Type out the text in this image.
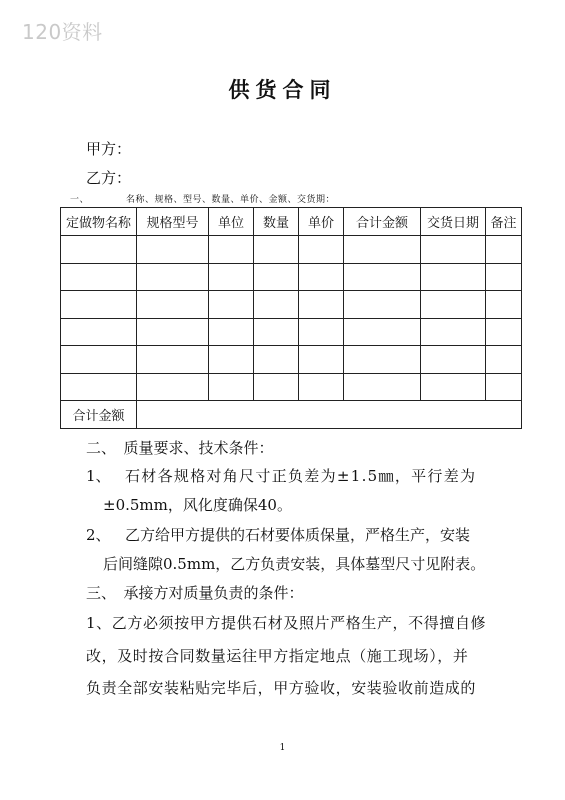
120资料
供货合同
甲方：
乙方：
一、	名称、规格、型号、数量、单价、金额、交货期：
定做物名称	规格型号	单位	数量	单价	合计金额	交货日期	备注

合计金额							
二、　质量要求、技术条件：
1、 石材各规格对角尺寸正负差为±1.5㎜，平行差为
±0.5mm，风化度确保40。
2、 乙方给甲方提供的石材要体质保量，严格生产，安装
后间缝隙0.5mm，乙方负责安装，具体墓型尺寸见附表。
三、　承接方对质量负责的条件：
1、乙方必须按甲方提供石材及照片严格生产，不得擅自修
改，及时按合同数量运往甲方指定地点（施工现场），并
负责全部安装粘贴完毕后，甲方验收，安装验收前造成的
1
